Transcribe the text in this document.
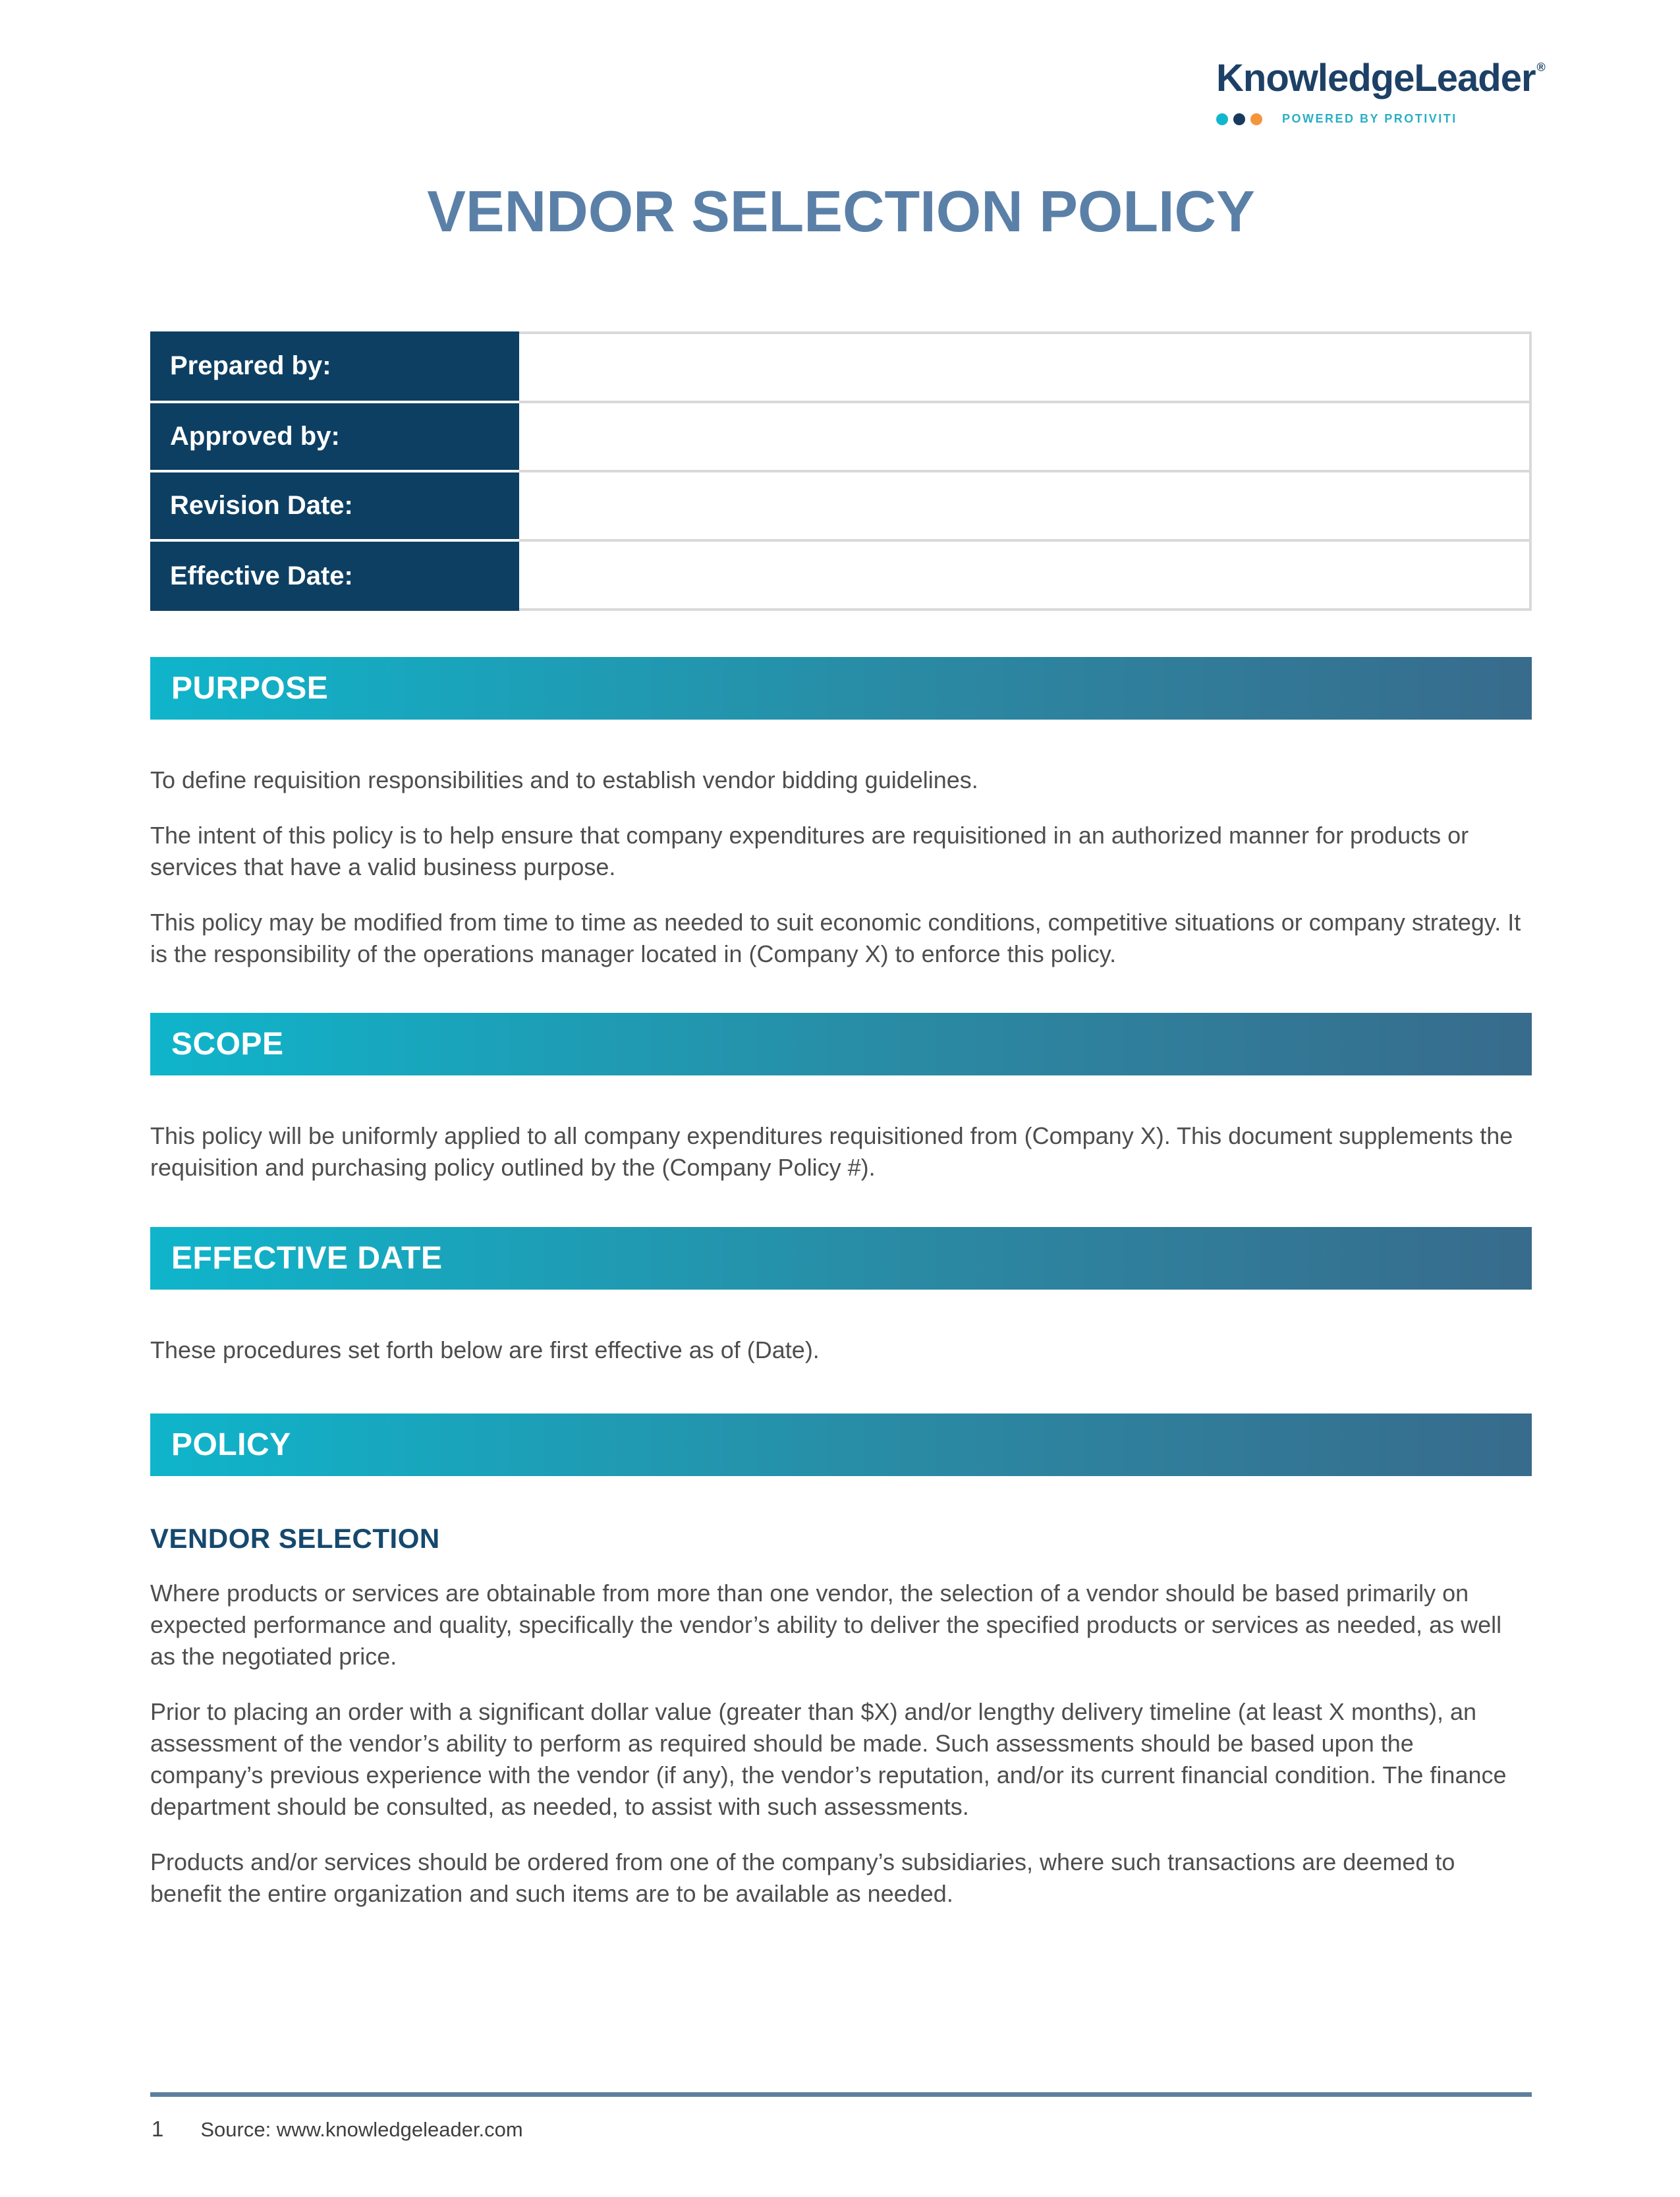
KnowledgeLeader ®
POWERED BY PROTIVITI
VENDOR SELECTION POLICY
Prepared by:	
Approved by:	
Revision Date:	
Effective Date:	
PURPOSE

To define requisition responsibilities and to establish vendor bidding guidelines.

The intent of this policy is to help ensure that company expenditures are requisitioned in an authorized manner for products or services that have a valid business purpose.

This policy may be modified from time to time as needed to suit economic conditions, competitive situations or company strategy. It is the responsibility of the operations manager located in (Company X) to enforce this policy.

SCOPE

This policy will be uniformly applied to all company expenditures requisitioned from (Company X). This document supplements the requisition and purchasing policy outlined by the (Company Policy #).

EFFECTIVE DATE

These procedures set forth below are first effective as of (Date).

POLICY
VENDOR SELECTION

Where products or services are obtainable from more than one vendor, the selection of a vendor should be based primarily on expected performance and quality, specifically the vendor’s ability to deliver the specified products or services as needed, as well as the negotiated price.

Prior to placing an order with a significant dollar value (greater than $X) and/or lengthy delivery timeline (at least X months), an assessment of the vendor’s ability to perform as required should be made. Such assessments should be based upon the company’s previous experience with the vendor (if any), the vendor’s reputation, and/or its current financial condition. The finance department should be consulted, as needed, to assist with such assessments.

Products and/or services should be ordered from one of the company’s subsidiaries, where such transactions are deemed to benefit the entire organization and such items are to be available as needed.

1 Source: www.knowledgeleader.com
